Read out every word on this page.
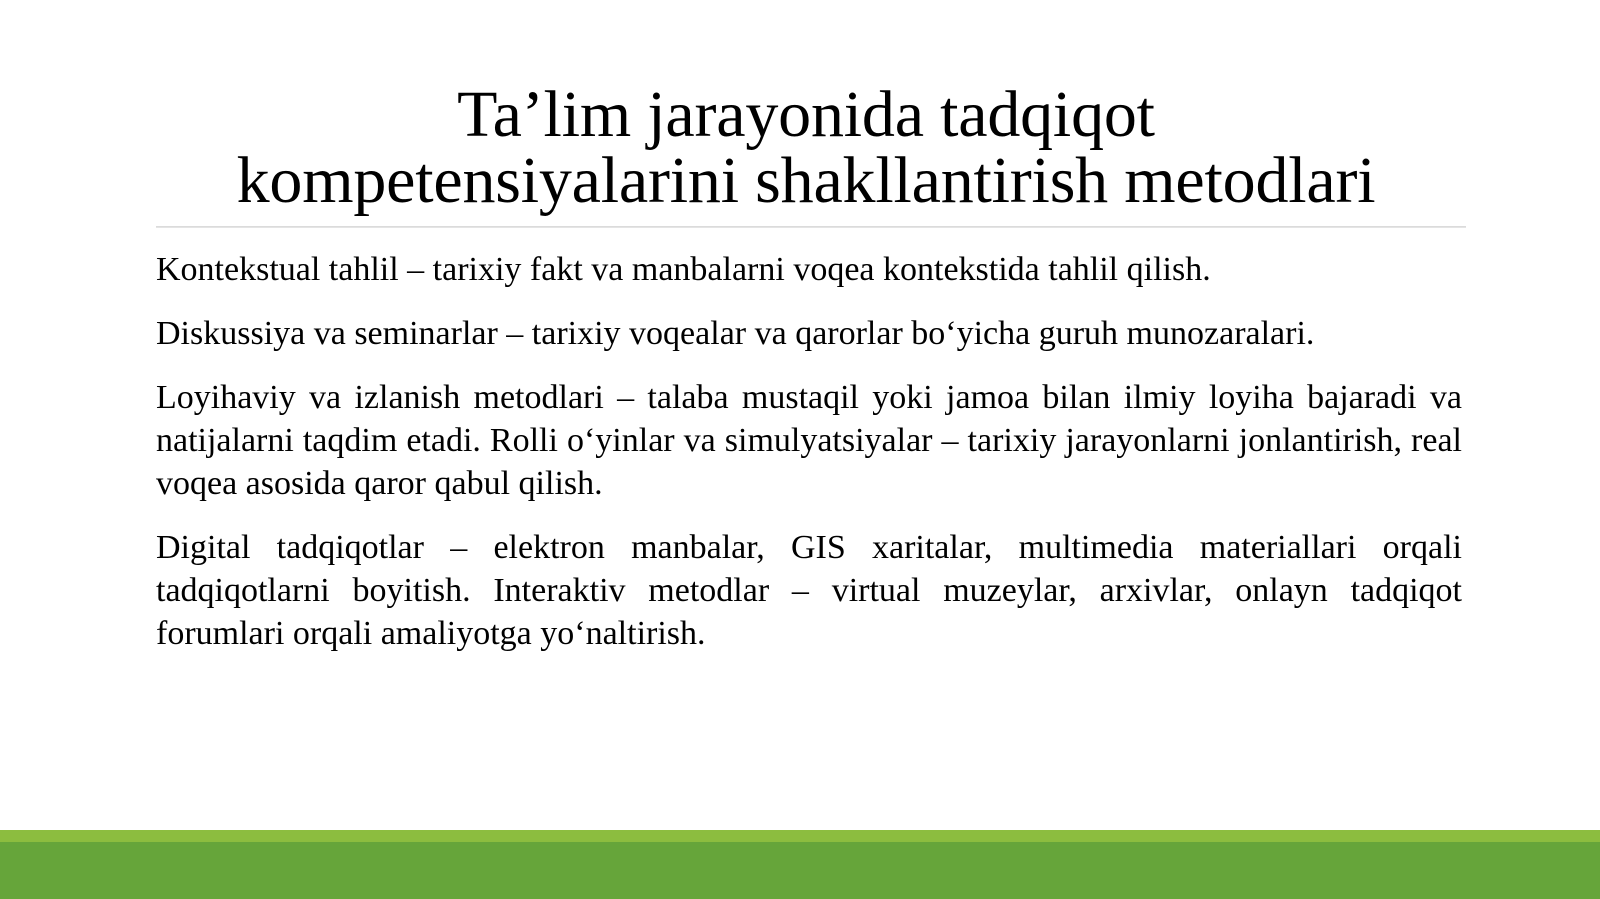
Ta’lim jarayonida tadqiqot
kompetensiyalarini shakllantirish metodlari

Kontekstual tahlil – tarixiy fakt va manbalarni voqea kontekstida tahlil qilish.

Diskussiya va seminarlar – tarixiy voqealar va qarorlar bo‘yicha guruh munozaralari.

Loyihaviy va izlanish metodlari – talaba mustaqil yoki jamoa bilan ilmiy loyiha bajaradi va natijalarni taqdim etadi. Rolli o‘yinlar va simulyatsiyalar – tarixiy jarayonlarni jonlantirish, real voqea asosida qaror qabul qilish.

Digital tadqiqotlar – elektron manbalar, GIS xaritalar, multimedia materiallari orqali tadqiqotlarni boyitish. Interaktiv metodlar – virtual muzeylar, arxivlar, onlayn tadqiqot forumlari orqali amaliyotga yo‘naltirish.
